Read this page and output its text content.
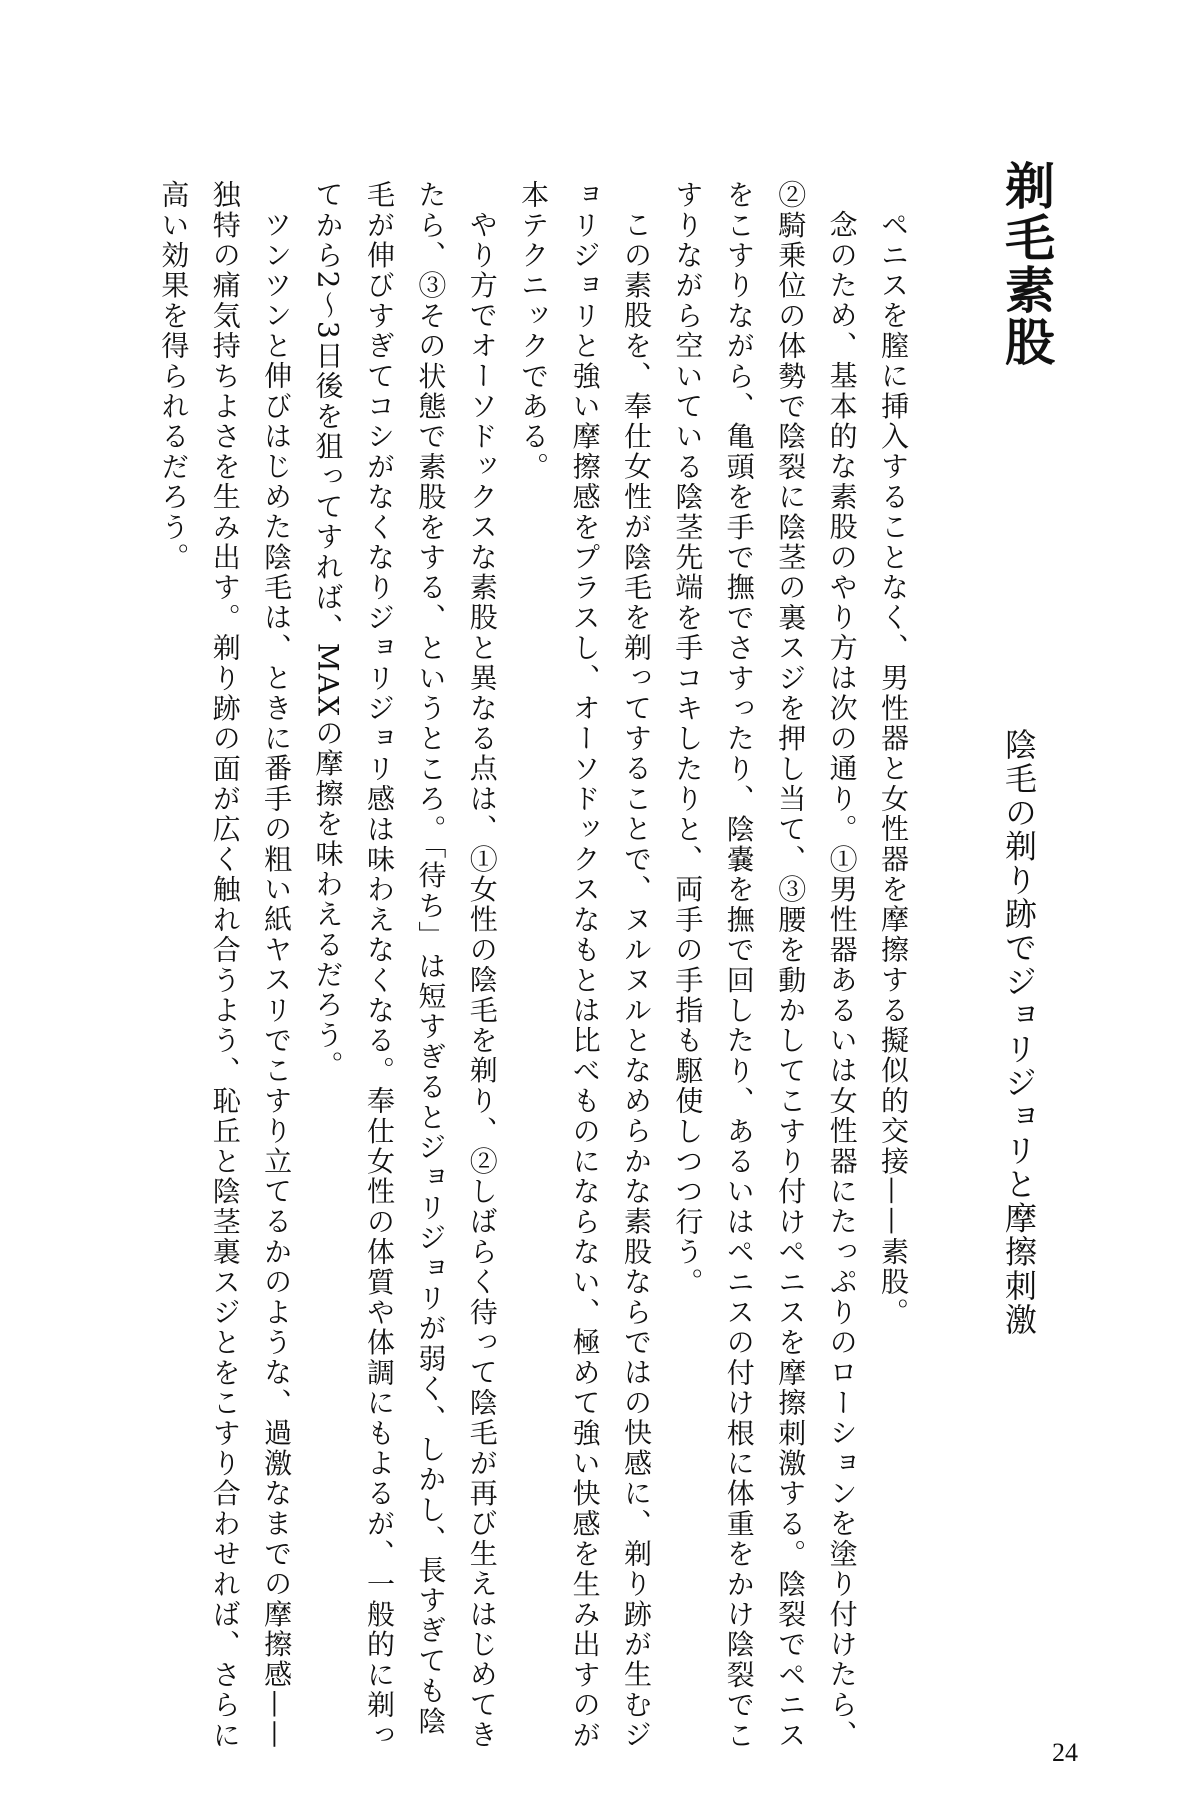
剃毛素股
陰毛の剃り跡でジョリジョリと摩擦刺激
ペニスを膣に挿入することなく、男性器と女性器を摩擦する擬似的交接——素股。
念のため、基本的な素股のやり方は次の通り。①男性器あるいは女性器にたっぷりのローションを塗り付けたら、
②騎乗位の体勢で陰裂に陰茎の裏スジを押し当て、③腰を動かしてこすり付けペニスを摩擦刺激する。陰裂でペニス
をこすりながら、亀頭を手で撫でさすったり、陰嚢を撫で回したり、あるいはペニスの付け根に体重をかけ陰裂でこ
すりながら空いている陰茎先端を手コキしたりと、両手の手指も駆使しつつ行う。
この素股を、奉仕女性が陰毛を剃ってすることで、ヌルヌルとなめらかな素股ならではの快感に、剃り跡が生むジ
ョリジョリと強い摩擦感をプラスし、オーソドックスなもとは比べものにならない、極めて強い快感を生み出すのが
本テクニックである。
やり方でオーソドックスな素股と異なる点は、①女性の陰毛を剃り、②しばらく待って陰毛が再び生えはじめてき
たら、③その状態で素股をする、というところ。「待ち」は短すぎるとジョリジョリが弱く、しかし、長すぎても陰
毛が伸びすぎてコシがなくなりジョリジョリ感は味わえなくなる。奉仕女性の体質や体調にもよるが、一般的に剃っ
てから2～3日後を狙ってすれば、MAXの摩擦を味わえるだろう。
ツンツンと伸びはじめた陰毛は、ときに番手の粗い紙ヤスリでこすり立てるかのような、過激なまでの摩擦感——
独特の痛気持ちよさを生み出す。剃り跡の面が広く触れ合うよう、恥丘と陰茎裏スジとをこすり合わせれば、さらに
高い効果を得られるだろう。
24
